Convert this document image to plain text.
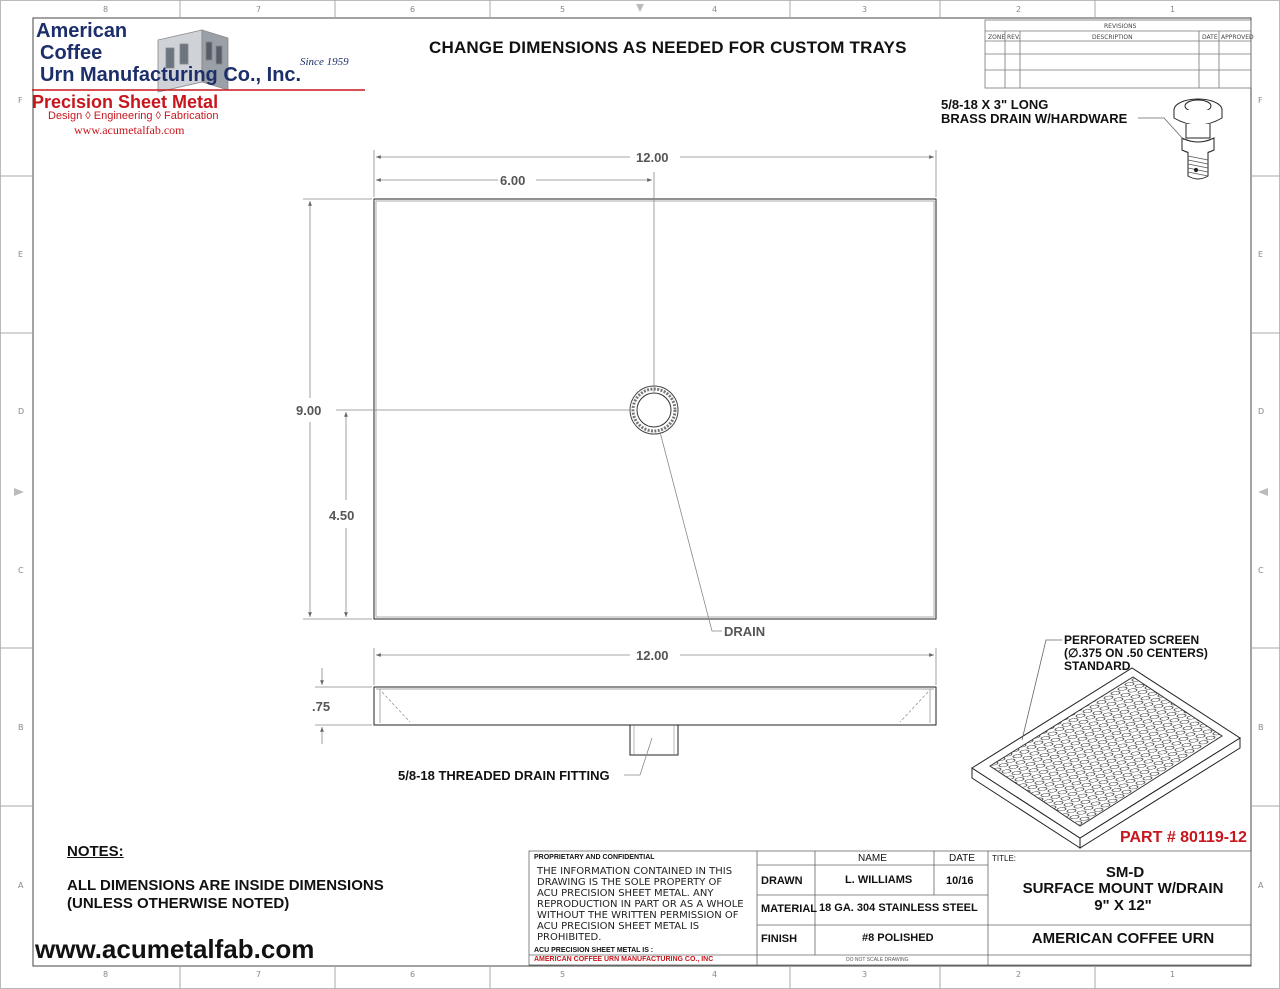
8	7	6	5	4	3	2	1
8	7	6	5	4	3	2	1
F
E
D
C
B
A
F
E
D
C
B
A
American
Coffee
Urn Manufacturing Co., Inc.
Since 1959
Precision Sheet Metal
Design ◊ Engineering ◊ Fabrication
www.acumetalfab.com
CHANGE DIMENSIONS AS NEEDED FOR CUSTOM TRAYS
REVISIONS
ZONE REV.	DESCRIPTION	DATE APPROVED
5/8-18 X 3" LONG
BRASS DRAIN W/HARDWARE
DRAIN
5/8-18 THREADED DRAIN FITTING
PERFORATED SCREEN
(∅.375 ON .50 CENTERS)
STANDARD
12.00
6.00
9.00
4.50
12.00
.75
PART # 80119-12
NOTES:
ALL DIMENSIONS ARE INSIDE DIMENSIONS
(UNLESS OTHERWISE NOTED)
www.acumetalfab.com
PROPRIETARY AND CONFIDENTIAL
THE INFORMATION CONTAINED IN THIS
DRAWING IS THE SOLE PROPERTY OF
ACU PRECISION SHEET METAL. ANY
REPRODUCTION IN PART OR AS A WHOLE
WITHOUT THE WRITTEN PERMISSION OF
ACU PRECISION SHEET METAL IS
PROHIBITED.
ACU PRECISION SHEET METAL IS :
AMERICAN COFFEE URN MANUFACTURING CO., INC
NAME	DATE
DRAWN	L. WILLIAMS	10/16
MATERIAL 18 GA. 304 STAINLESS STEEL
FINISH	#8 POLISHED
DO NOT SCALE DRAWING
TITLE:
SM-D
SURFACE MOUNT W/DRAIN
9" X 12"
AMERICAN COFFEE URN
